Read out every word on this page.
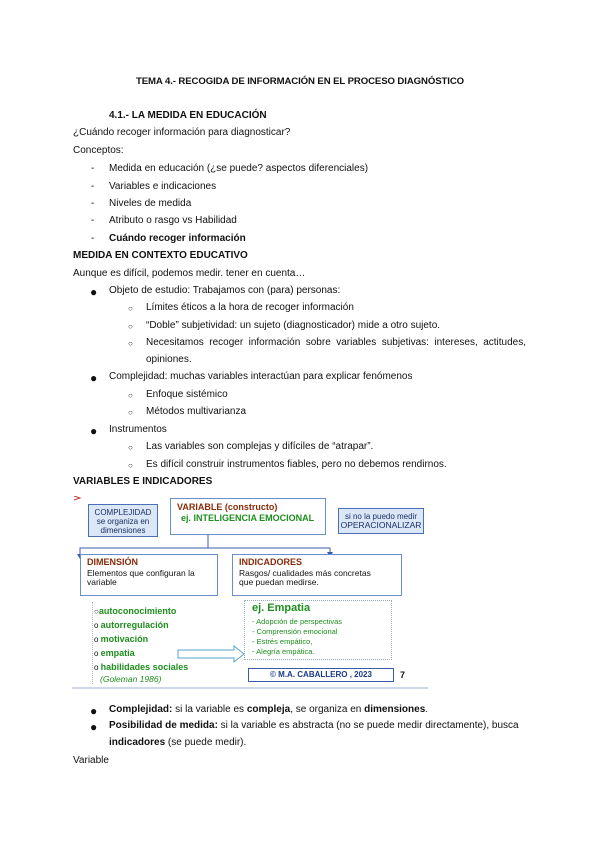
TEMA 4.- RECOGIDA DE INFORMACIÓN EN EL PROCESO DIAGNÓSTICO
4.1.- LA MEDIDA EN EDUCACIÓN
¿Cuándo recoger información para diagnosticar?
Conceptos:
- Medida en educación (¿se puede? aspectos diferenciales)
- Variables e indicaciones
- Niveles de medida
- Atributo o rasgo vs Habilidad
- Cuándo recoger información
MEDIDA EN CONTEXTO EDUCATIVO
Aunque es difícil, podemos medir. tener en cuenta…
● Objeto de estudio: Trabajamos con (para) personas:
○ Límites éticos a la hora de recoger información
○ “Doble” subjetividad: un sujeto (diagnosticador) mide a otro sujeto.
○ Necesitamos recoger información sobre variables subjetivas: intereses, actitudes,
opiniones.
● Complejidad: muchas variables interactúan para explicar fenómenos
○ Enfoque sistémico
○ Métodos multivarianza
● Instrumentos
○ Las variables son complejas y difíciles de “atrapar”.
○ Es difícil construir instrumentos fiables, pero no debemos rendirnos.
VARIABLES E INDICADORES
COMPLEJIDAD
se organiza en
dimensiones
VARIABLE (constructo)
ej. INTELIGENCIA EMOCIONAL	si no la puedo medir
OPERACIONALIZAR
DIMENSIÓN
Elementos que configuran la
variable
INDICADORES
Rasgos/ cualidades más concretas
que puedan medirse.
○autoconocimiento
o autorregulación
o motivación
o empatia
o habilidades sociales
(Goleman 1986)
ej. Empatia
- Adopción de perspectivas
- Comprensión emocional
- Estrés empático,
- Alegría empática.
© M.A. CABALLERO , 2023	7
● Complejidad: si la variable es compleja, se organiza en dimensiones.
● Posibilidad de medida: si la variable es abstracta (no se puede medir directamente), busca
indicadores (se puede medir).
Variable
